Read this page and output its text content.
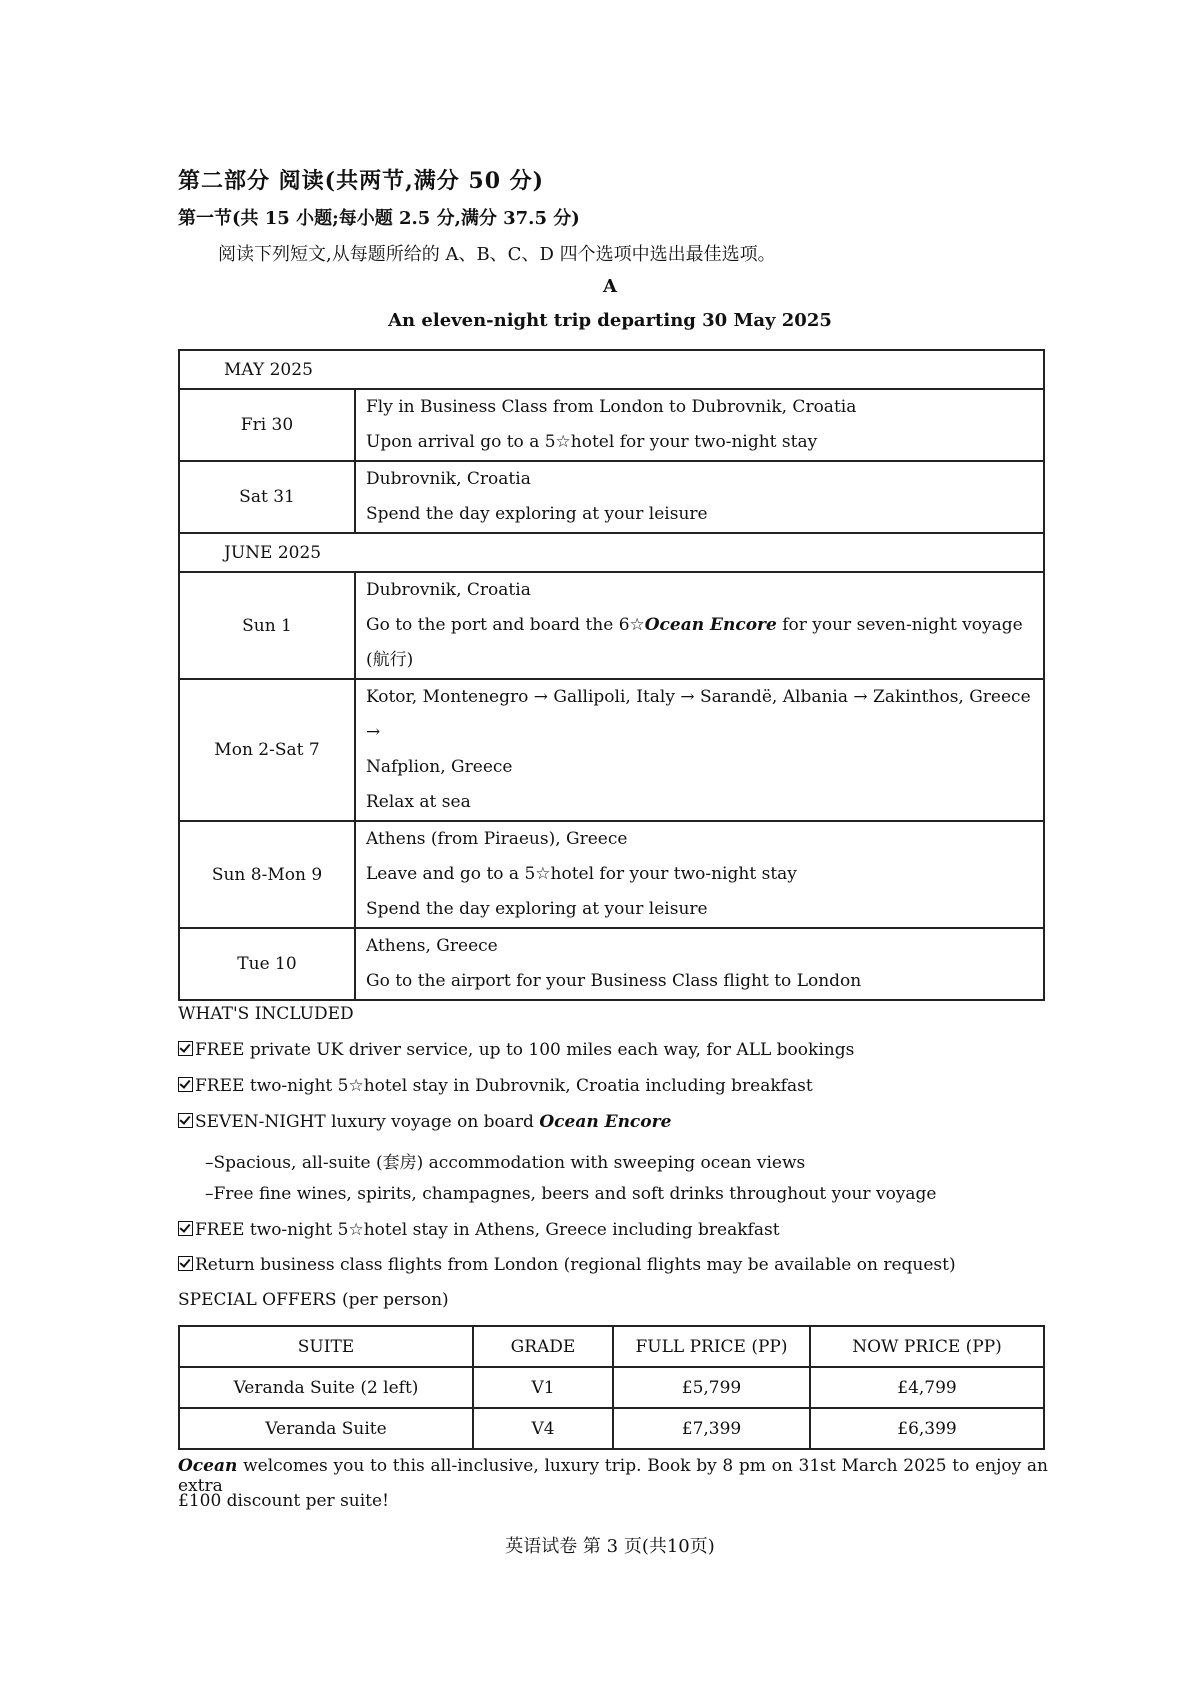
第二部分 阅读(共两节,满分 50 分)
第一节(共 15 小题;每小题 2.5 分,满分 37.5 分)
阅读下列短文,从每题所给的 A、B、C、D 四个选项中选出最佳选项。
A
An eleven-night trip departing 30 May 2025
MAY 2025	
Fri 30	Fly in Business Class from London to Dubrovnik, Croatia
Upon arrival go to a 5☆hotel for your two-night stay

Sat 31	Dubrovnik, Croatia
Spend the day exploring at your leisure

JUNE 2025	
Sun 1	Dubrovnik, Croatia
Go to the port and board the 6☆Ocean Encore for your seven-night voyage (航行)

Mon 2-Sat 7	Kotor, Montenegro → Gallipoli, Italy → Sarandë, Albania → Zakinthos, Greece →
Nafplion, Greece
Relax at sea

Sun 8-Mon 9	Athens (from Piraeus), Greece
Leave and go to a 5☆hotel for your two-night stay
Spend the day exploring at your leisure

Tue 10	Athens, Greece
Go to the airport for your Business Class flight to London
WHAT'S INCLUDED
FREE private UK driver service, up to 100 miles each way, for ALL bookings
FREE two-night 5☆hotel stay in Dubrovnik, Croatia including breakfast
SEVEN-NIGHT luxury voyage on board Ocean Encore
–Spacious, all-suite (套房) accommodation with sweeping ocean views
–Free fine wines, spirits, champagnes, beers and soft drinks throughout your voyage
FREE two-night 5☆hotel stay in Athens, Greece including breakfast
Return business class flights from London (regional flights may be available on request)
SPECIAL OFFERS (per person)
SUITE	GRADE	FULL PRICE (PP)	NOW PRICE (PP)
Veranda Suite (2 left)	V1	£5,799	£4,799
Veranda Suite	V4	£7,399	£6,399
Ocean welcomes you to this all-inclusive, luxury trip. Book by 8 pm on 31st March 2025 to enjoy an extra
£100 discount per suite!
英语试卷 第 3 页(共10页)
